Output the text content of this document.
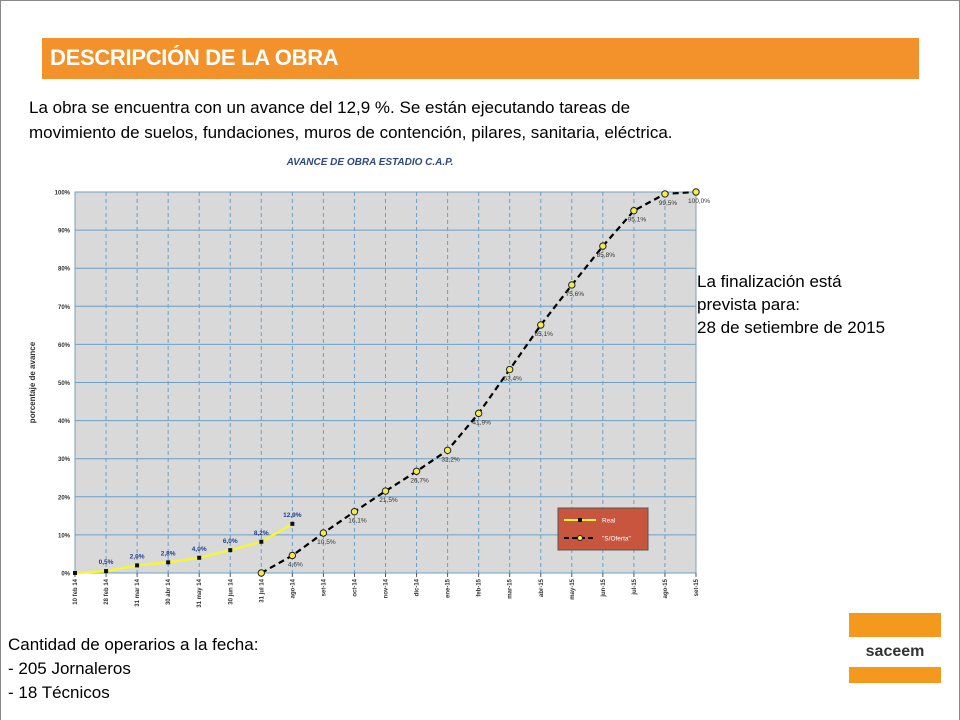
DESCRIPCIÓN DE LA OBRA
La obra se encuentra con un avance del 12,9 %. Se están ejecutando tareas de
movimiento de suelos, fundaciones, muros de contención, pilares, sanitaria, eléctrica.
AVANCE DE OBRA ESTADIO C.A.P.
porcentaje de avance
0%
10%
20%
30%
40%
50%
60%
70%
80%
90%
100%
10 feb 14	28 feb 14	31 mar 14	30 abr 14	31 may 14	30 jun 14	31 jul 14	ago-14	set-14	oct-14	nov-14	dic-14	ene-15	feb-15	mar-15	abr-15	may-15	jun-15	jul-15	ago-15	set-15
0,5%
2,0% 2,8%
4,0%
6,0%
8,2%
12,9%
4,6%
10,5%
16,1%
21,5%
26,7%
32,2%
41,9%
53,4%
65,1%
75,6%
85,8%
95,1%
99,5% 100,0%
Real
"S/Oferta"
La finalización está
prevista para:
28 de setiembre de 2015
Cantidad de operarios a la fecha:
- 205 Jornaleros
- 18 Técnicos
saceem
